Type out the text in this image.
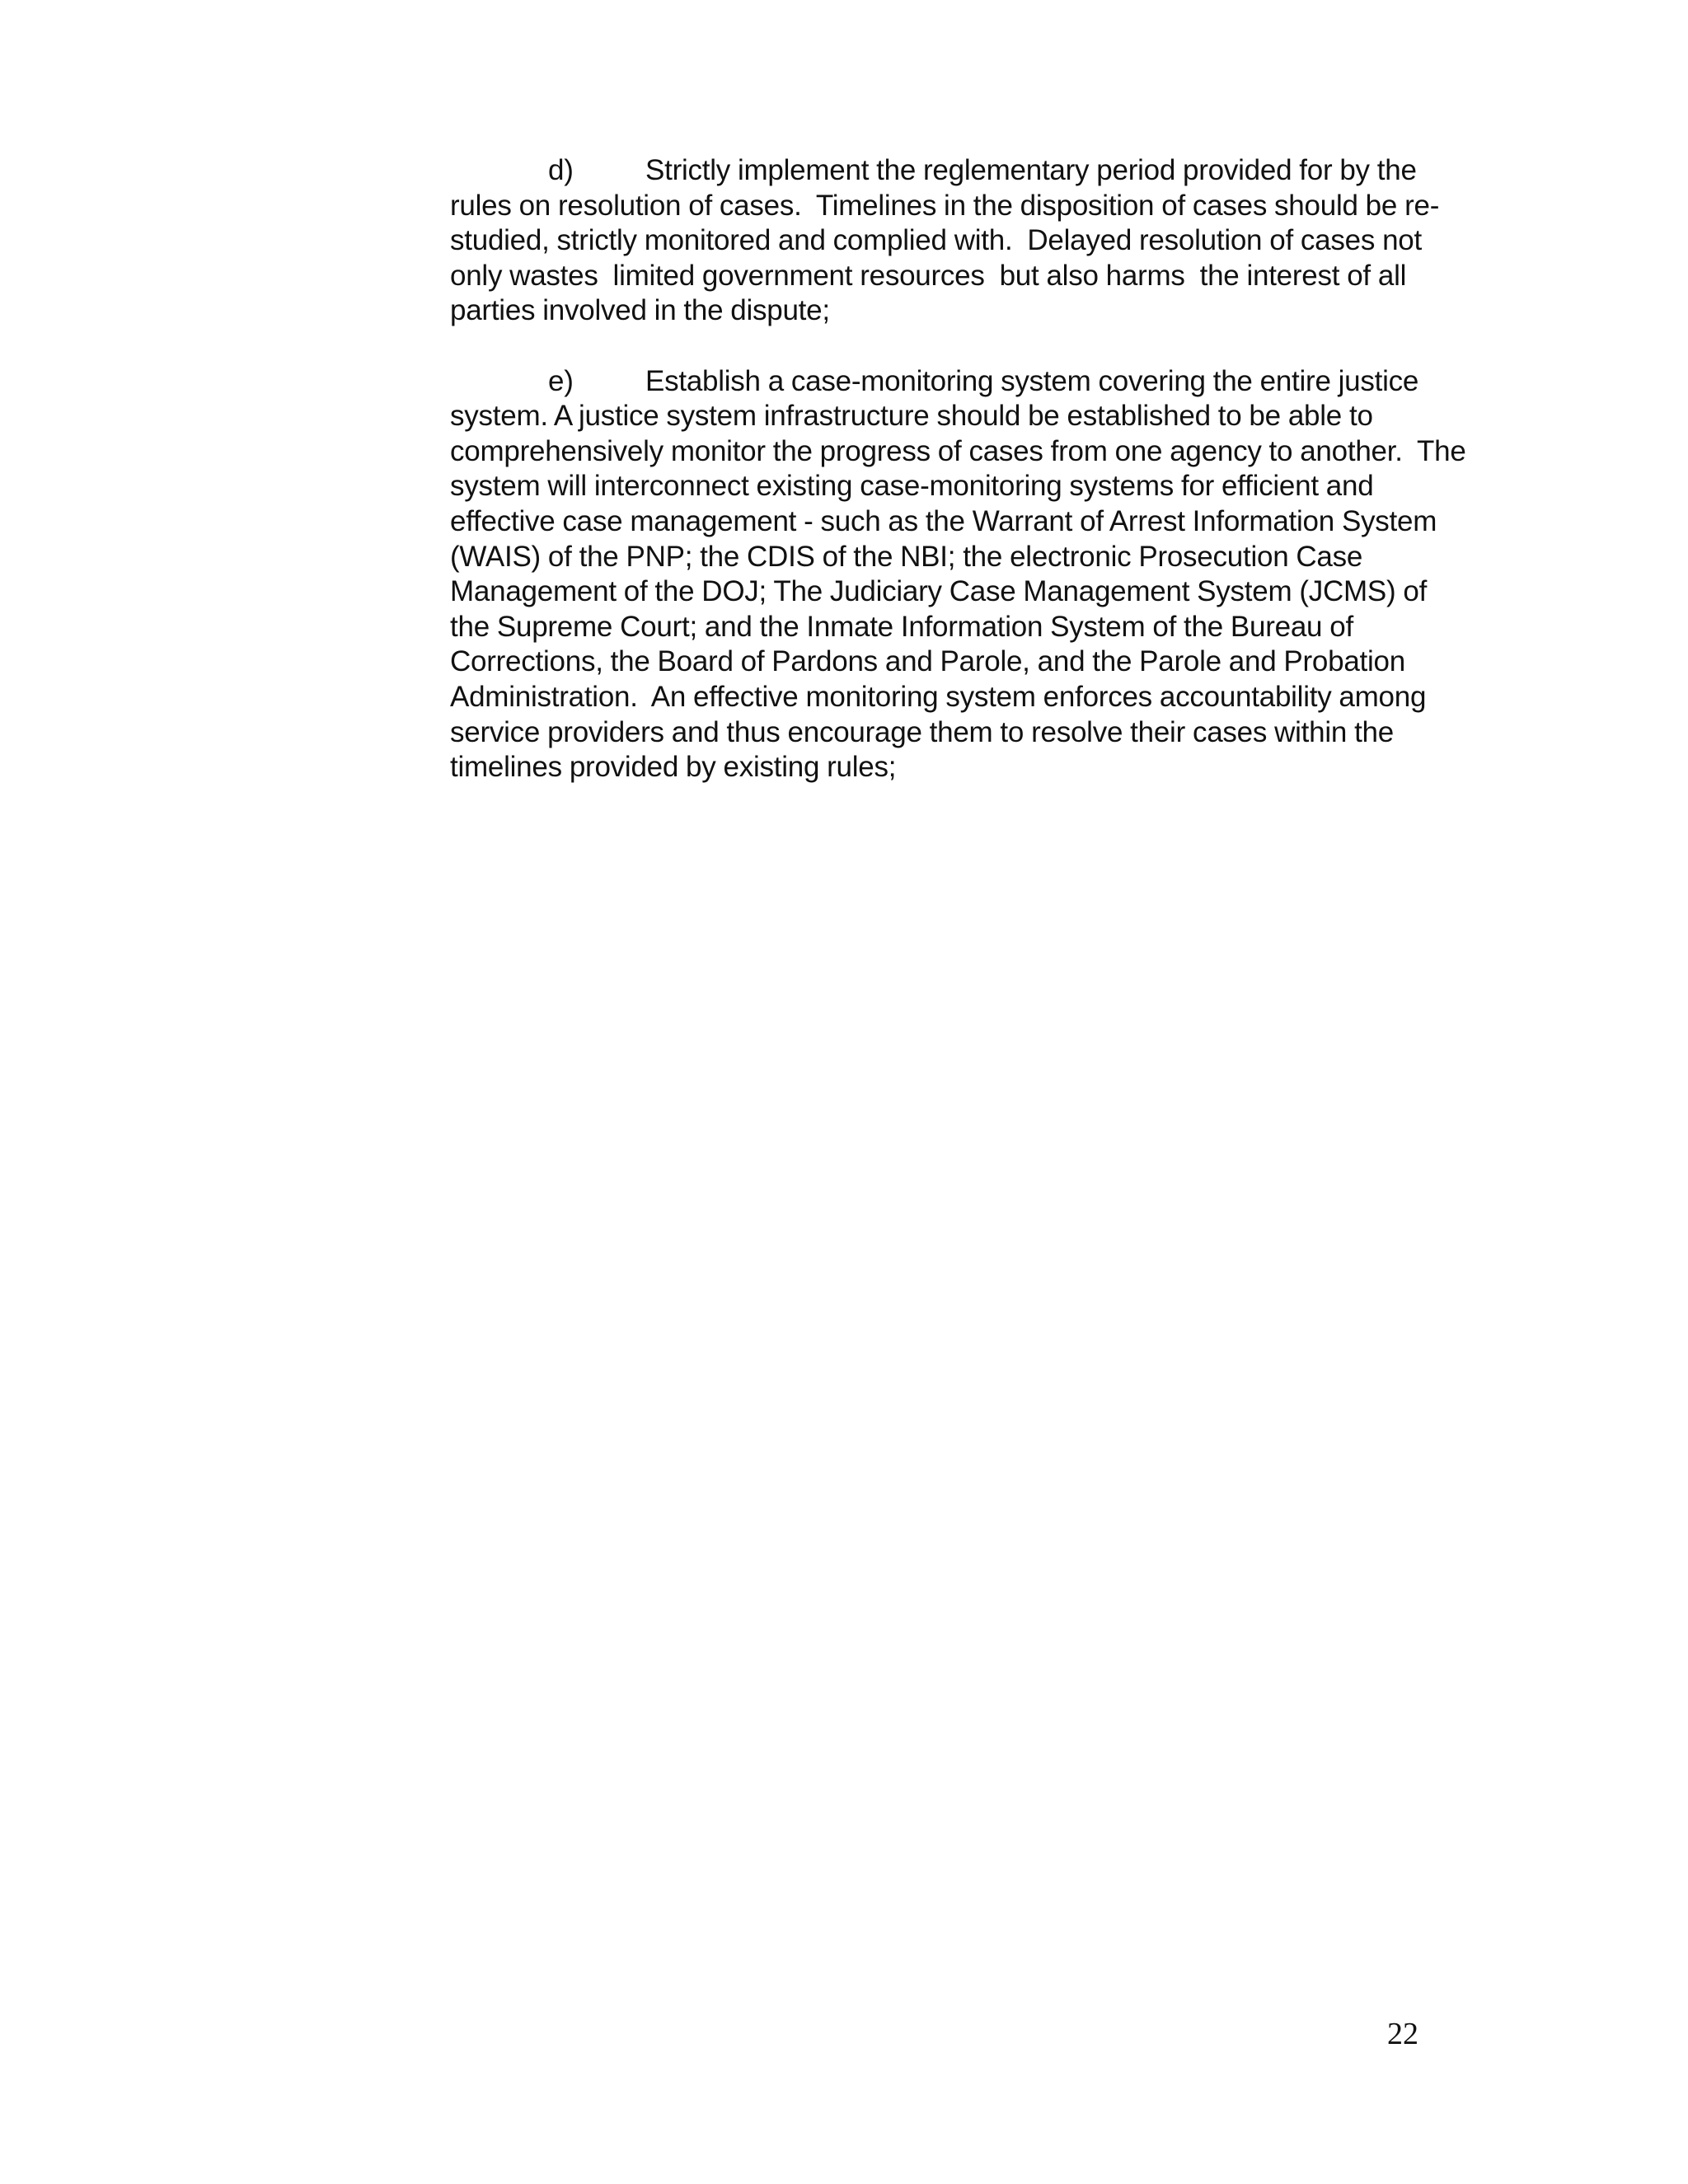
d) Strictly implement the reglementary period provided for by the rules on resolution of cases.  Timelines in the disposition of cases should be re-studied, strictly monitored and complied with.  Delayed resolution of cases not  only wastes  limited government resources  but also harms  the interest of all parties involved in the dispute;

e) Establish a case-monitoring system covering the entire justice system. A justice system infrastructure should be established to be able to comprehensively monitor the progress of cases from one agency to another.  The system will interconnect existing case-monitoring systems for efficient and effective case management - such as the Warrant of Arrest Information System (WAIS) of the PNP; the CDIS of the NBI; the electronic Prosecution Case Management of the DOJ; The Judiciary Case Management System (JCMS) of the Supreme Court; and the Inmate Information System of the Bureau of Corrections, the Board of Pardons and Parole, and the Parole and Probation Administration.  An effective monitoring system enforces accountability among service providers and thus encourage them to resolve their cases within the timelines provided by existing rules;

22
